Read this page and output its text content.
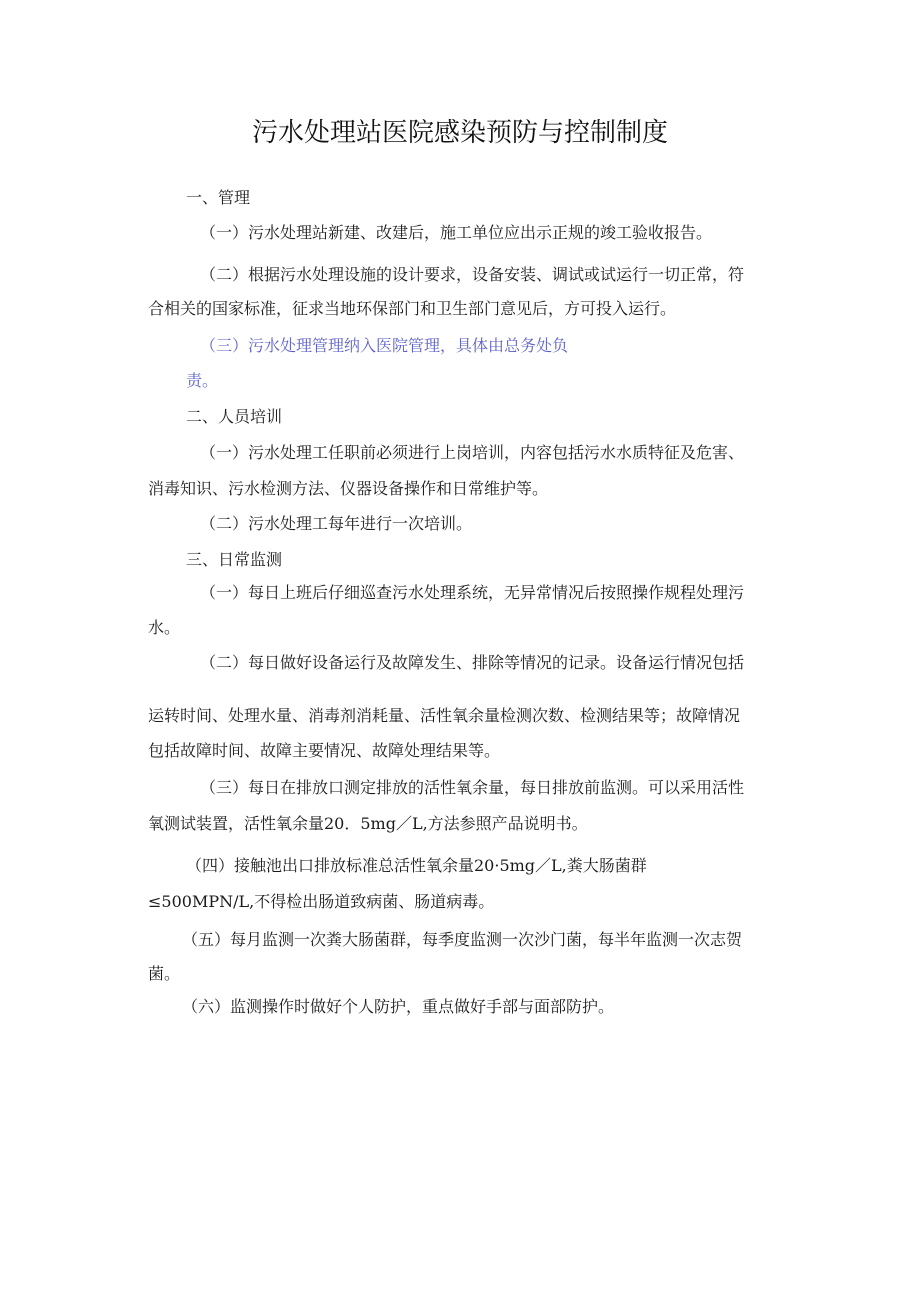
污水处理站医院感染预防与控制制度
一、管理
（一）污水处理站新建、改建后，施工单位应出示正规的竣工验收报告。
（二）根据污水处理设施的设计要求，设备安装、调试或试运行一切正常，符
合相关的国家标准，征求当地环保部门和卫生部门意见后，方可投入运行。
（三）污水处理管理纳入医院管理，具体由总务处负
责。
二、人员培训
（一）污水处理工任职前必须进行上岗培训，内容包括污水水质特征及危害、
消毒知识、污水检测方法、仪器设备操作和日常维护等。
（二）污水处理工每年进行一次培训。
三、日常监测
（一）每日上班后仔细巡查污水处理系统，无异常情况后按照操作规程处理污
水。
（二）每日做好设备运行及故障发生、排除等情况的记录。设备运行情况包括
运转时间、处理水量、消毒剂消耗量、活性氧余量检测次数、检测结果等；故障情况
包括故障时间、故障主要情况、故障处理结果等。
（三）每日在排放口测定排放的活性氧余量，每日排放前监测。可以采用活性
氧测试装置，活性氧余量20．5mg／L,方法参照产品说明书。
（四）接触池出口排放标准总活性氧余量20·5mg／L,粪大肠菌群
≤500MPN/L,不得检出肠道致病菌、肠道病毒。
（五）每月监测一次粪大肠菌群，每季度监测一次沙门菌，每半年监测一次志贺
菌。
（六）监测操作时做好个人防护，重点做好手部与面部防护。
